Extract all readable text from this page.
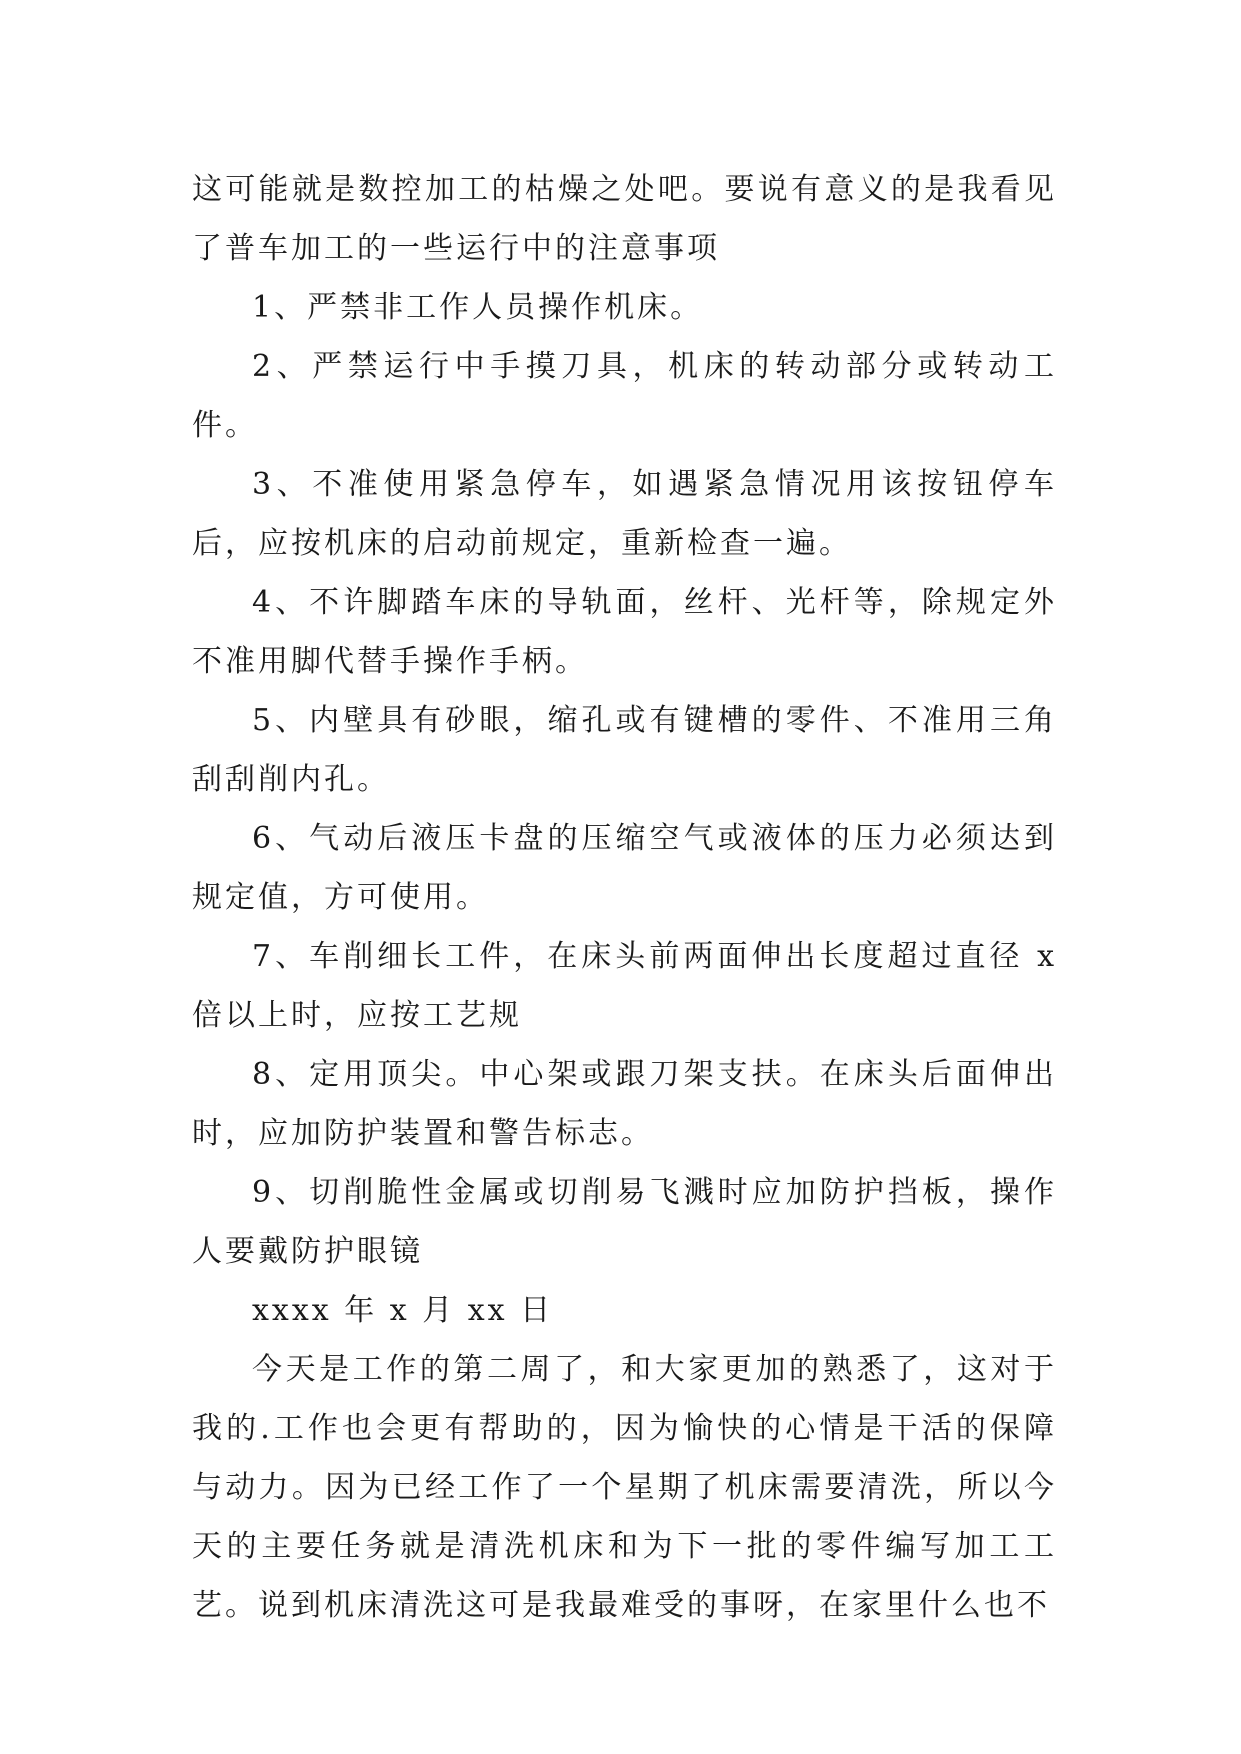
这可能就是数控加工的枯燥之处吧。要说有意义的是我看见了普车加工的一些运行中的注意事项

1、严禁非工作人员操作机床。

2、严禁运行中手摸刀具，机床的转动部分或转动工件。

3、不准使用紧急停车，如遇紧急情况用该按钮停车后，应按机床的启动前规定，重新检查一遍。

4、不许脚踏车床的导轨面，丝杆、光杆等，除规定外不准用脚代替手操作手柄。

5、内壁具有砂眼，缩孔或有键槽的零件、不准用三角刮刮削内孔。

6、气动后液压卡盘的压缩空气或液体的压力必须达到规定值，方可使用。

7、车削细长工件，在床头前两面伸出长度超过直径 x 倍以上时，应按工艺规

8、定用顶尖。中心架或跟刀架支扶。在床头后面伸出时，应加防护装置和警告标志。

9、切削脆性金属或切削易飞溅时应加防护挡板，操作人要戴防护眼镜

xxxx 年 x 月 xx 日

今天是工作的第二周了，和大家更加的熟悉了，这对于我的.工作也会更有帮助的，因为愉快的心情是干活的保障与动力。因为已经工作了一个星期了机床需要清洗，所以今天的主要任务就是清洗机床和为下一批的零件编写加工工艺。说到机床清洗这可是我最难受的事呀，在家里什么也不
